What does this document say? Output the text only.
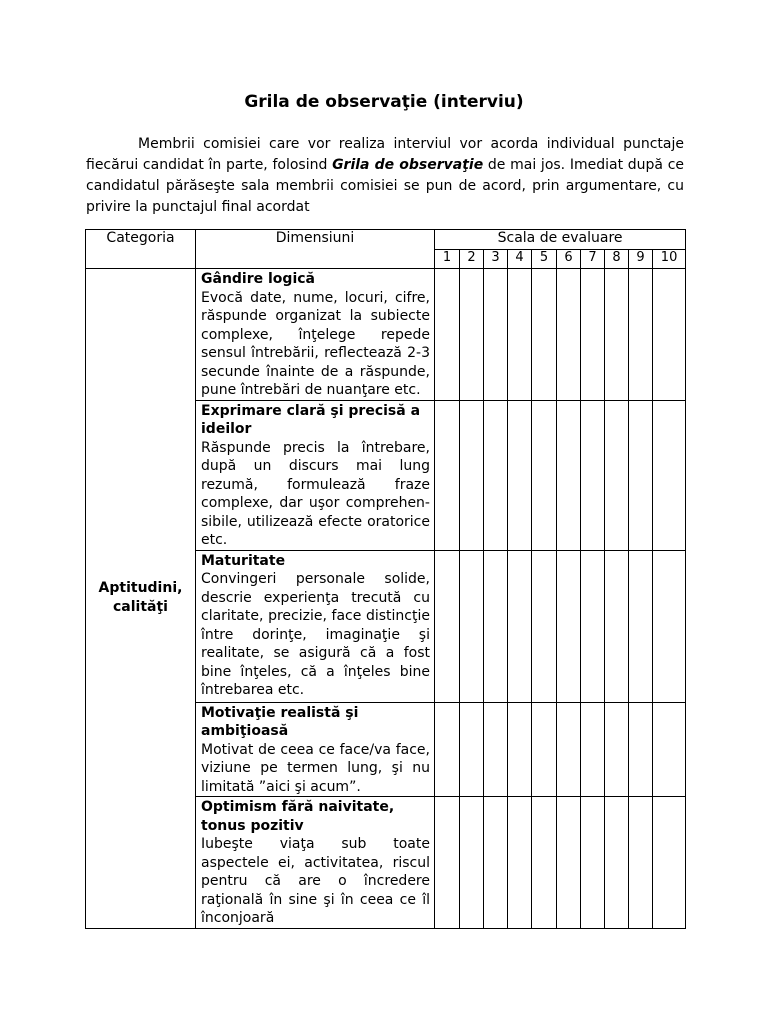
Grila de observaţie (interviu)

Membrii comisiei care vor realiza interviul vor acorda individual punctaje fiecărui candidat în parte, folosind Grila de observaţie de mai jos. Imediat după ce candidatul părăseşte sala membrii comisiei se pun de acord, prin argumentare, cu privire la punctajul final acordat

Categoria	Dimensiuni	Scala de evaluare									
		1	2	3	4	5	6	7	8	9	10
Aptitudini, calităţi	Gândire logică
Evocă date, nume, locuri, cifre, răspunde organizat la subiecte complexe, înţelege repede sensul întrebării, reflectează 2-3 secunde înainte de a răspunde, pune întrebări de nuanţare etc.										

	Exprimare clară şi precisă a ideilor
Răspunde precis la întrebare, după un discurs mai lung rezumă, formulează fraze complexe, dar uşor comprehen-sibile, utilizează efecte oratorice etc.										

	Maturitate
Convingeri personale solide, descrie experienţa trecută cu claritate, precizie, face distincţie între dorinţe, imaginaţie şi realitate, se asigură că a fost bine înţeles, că a înţeles bine întrebarea etc.										

	Motivaţie realistă şi ambiţioasă
Motivat de ceea ce face/va face, viziune pe termen lung, şi nu limitată ”aici şi acum”.										

	Optimism fără naivitate, tonus pozitiv
Iubeşte viaţa sub toate aspectele ei, activitatea, riscul pentru că are o încredere raţională în sine şi în ceea ce îl înconjoară										
